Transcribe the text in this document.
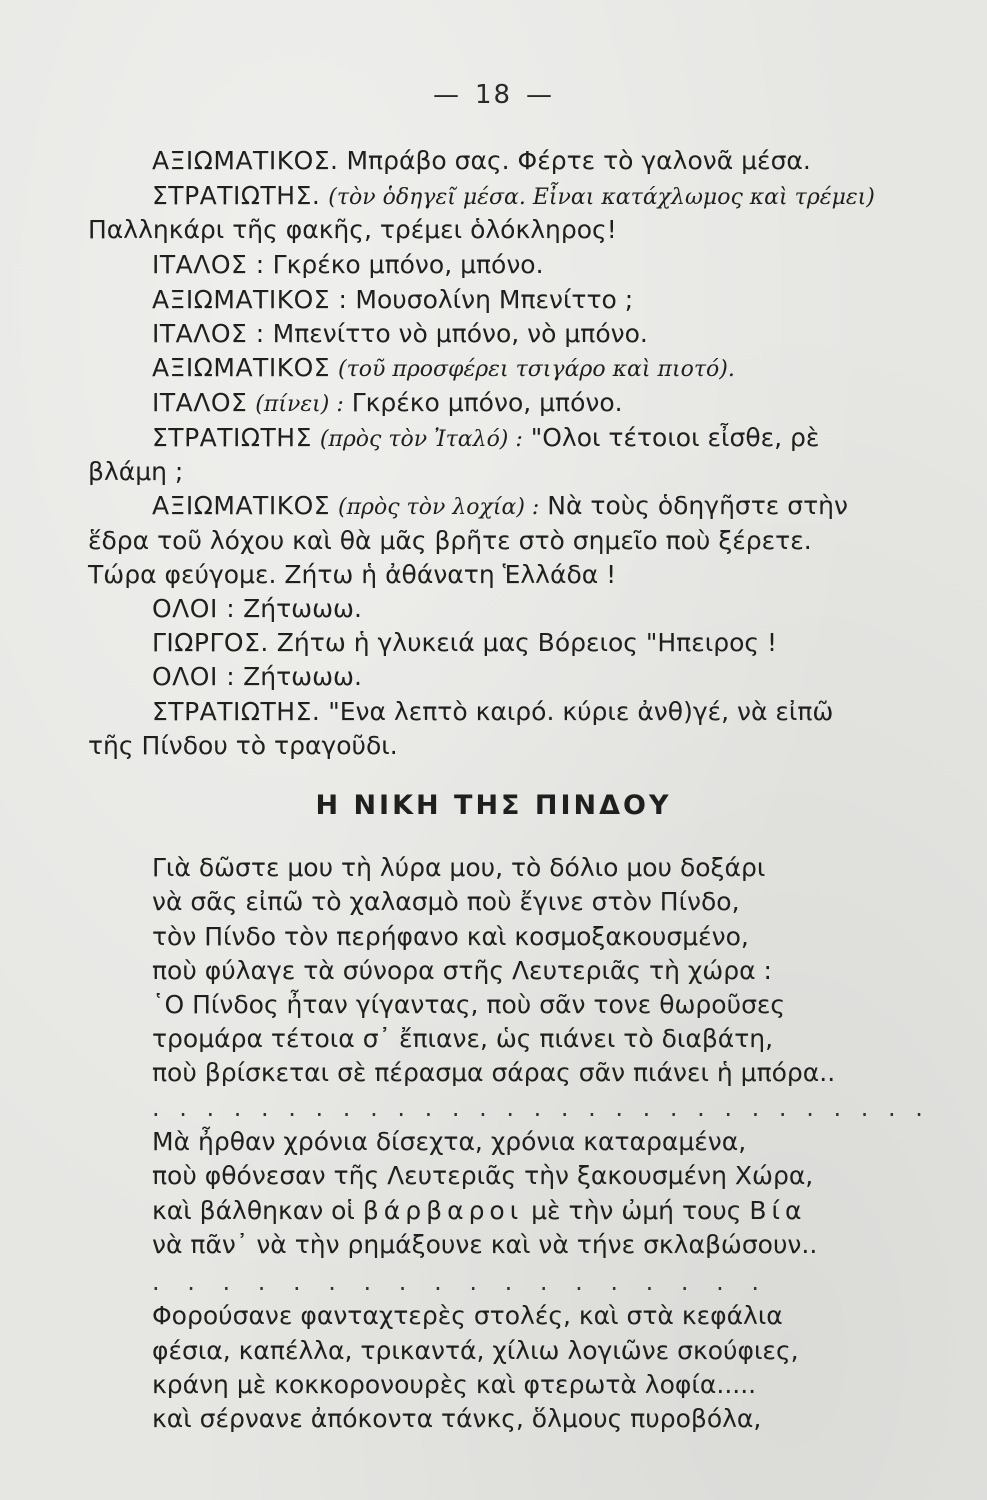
— 18 —
ΑΞΙΩΜΑΤΙΚΟΣ. Μπράβο σας. Φέρτε τὸ γαλονᾶ μέσα.
ΣΤΡΑΤΙΩΤΗΣ. (τὸν ὁδηγεῖ μέσα. Εἶναι κατάχλωμος καὶ τρέμει)
Παλληκάρι τῆς φακῆς, τρέμει ὁλόκληρος!
ΙΤΑΛΟΣ : Γκρέκο μπόνο, μπόνο.
ΑΞΙΩΜΑΤΙΚΟΣ : Μουσολίνη Μπενίττο ;
ΙΤΑΛΟΣ : Μπενίττο νὸ μπόνο, νὸ μπόνο.
ΑΞΙΩΜΑΤΙΚΟΣ (τοῦ προσφέρει τσιγάρο καὶ πιοτό).
ΙΤΑΛΟΣ (πίνει) : Γκρέκο μπόνο, μπόνο.
ΣΤΡΑΤΙΩΤΗΣ (πρὸς τὸν Ἰταλό) : "Ολοι τέτοιοι εἶσθε, ρὲ
βλάμη ;
ΑΞΙΩΜΑΤΙΚΟΣ (πρὸς τὸν λοχία) : Νὰ τοὺς ὁδηγῆστε στὴν
ἕδρα τοῦ λόχου καὶ θὰ μᾶς βρῆτε στὸ σημεῖο ποὺ ξέρετε.
Τώρα φεύγομε. Ζήτω ἡ ἀθάνατη Ἑλλάδα !
ΟΛΟΙ : Ζήτωωω.
ΓΙΩΡΓΟΣ. Ζήτω ἡ γλυκειά μας Βόρειος "Ηπειρος !
ΟΛΟΙ : Ζήτωωω.
ΣΤΡΑΤΙΩΤΗΣ. "Ενα λεπτὸ καιρό. κύριε ἀνθ)γέ, νὰ εἰπῶ
τῆς Πίνδου τὸ τραγοῦδι.
Η ΝΙΚΗ ΤΗΣ ΠΙΝΔΟΥ
Γιὰ δῶστε μου τὴ λύρα μου, τὸ δόλιο μου δοξάρι
νὰ σᾶς εἰπῶ τὸ χαλασμὸ ποὺ ἔγινε στὸν Πίνδο,
τὸν Πίνδο τὸν περήφανο καὶ κοσμοξακουσμένο,
ποὺ φύλαγε τὰ σύνορα στῆς Λευτεριᾶς τὴ χώρα :
῾Ο Πίνδος ἦταν γίγαντας, ποὺ σᾶν τονε θωροῦσες
τρομάρα τέτοια σ᾽ ἔπιανε, ὡς πιάνει τὸ διαβάτη,
ποὺ βρίσκεται σὲ πέρασμα σάρας σᾶν πιάνει ἡ μπόρα..
. . . . . . . . . . . . . . . . . . . . . . . . . . . . .
Μὰ ἦρθαν χρόνια δίσεχτα, χρόνια καταραμένα,
ποὺ φθόνεσαν τῆς Λευτεριᾶς τὴν ξακουσμένη Χώρα,
καὶ βάλθηκαν οἱ βάρβαροι μὲ τὴν ὠμή τους Βία
νὰ πᾶν᾽ νὰ τὴν ρημάξουνε καὶ νὰ τήνε σκλαβώσουν..
. . . . . . . . . . . . . . . . . .
Φορούσανε φανταχτερὲς στολές, καὶ στὰ κεφάλια
φέσια, καπέλλα, τρικαντά, χίλιω λογιῶνε σκούφιες,
κράνη μὲ κοκκορονουρὲς καὶ φτερωτὰ λοφία.....
καὶ σέρνανε ἀπόκοντα τάνκς, ὅλμους πυροβόλα,
